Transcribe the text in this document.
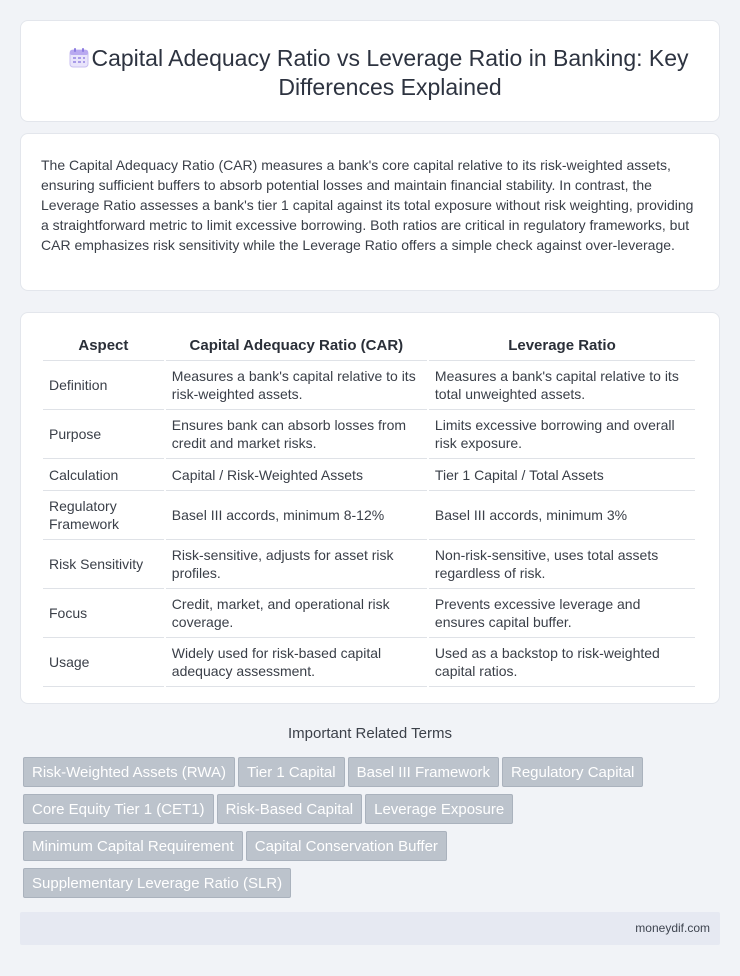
Capital Adequacy Ratio vs Leverage Ratio in Banking: Key Differences Explained

The Capital Adequacy Ratio (CAR) measures a bank's core capital relative to its risk-weighted assets, ensuring sufficient buffers to absorb potential losses and maintain financial stability. In contrast, the Leverage Ratio assesses a bank's tier 1 capital against its total exposure without risk weighting, providing a straightforward metric to limit excessive borrowing. Both ratios are critical in regulatory frameworks, but CAR emphasizes risk sensitivity while the Leverage Ratio offers a simple check against over-leverage.

Aspect	Capital Adequacy Ratio (CAR)	Leverage Ratio
Definition	Measures a bank's capital relative to its risk-weighted assets.	Measures a bank's capital relative to its total unweighted assets.
Purpose	Ensures bank can absorb losses from credit and market risks.	Limits excessive borrowing and overall risk exposure.
Calculation	Capital / Risk-Weighted Assets	Tier 1 Capital / Total Assets
Regulatory Framework	Basel III accords, minimum 8-12%	Basel III accords, minimum 3%
Risk Sensitivity	Risk-sensitive, adjusts for asset risk profiles.	Non-risk-sensitive, uses total assets regardless of risk.
Focus	Credit, market, and operational risk coverage.	Prevents excessive leverage and ensures capital buffer.
Usage	Widely used for risk-based capital adequacy assessment.	Used as a backstop to risk-weighted capital ratios.
Important Related Terms
Risk-Weighted Assets (RWA) Tier 1 Capital Basel III Framework Regulatory Capital
Core Equity Tier 1 (CET1) Risk-Based Capital Leverage Exposure
Minimum Capital Requirement Capital Conservation Buffer
Supplementary Leverage Ratio (SLR)
moneydif.com
